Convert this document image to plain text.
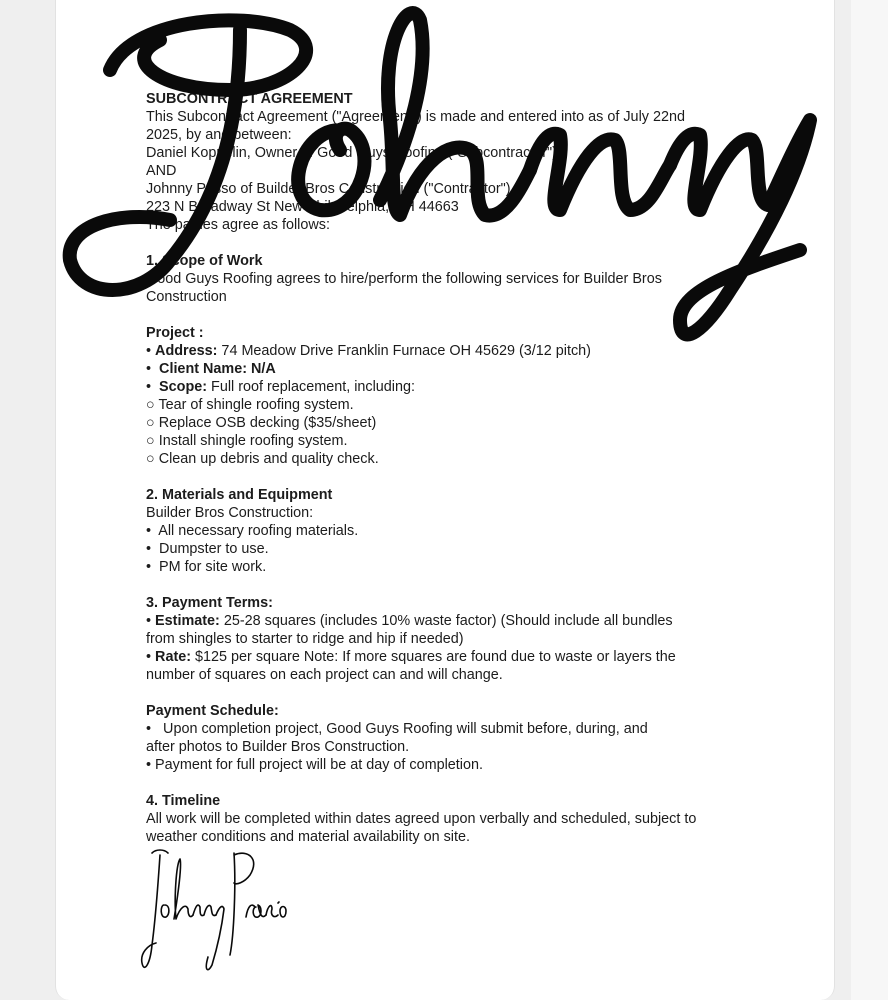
SUBCONTRACT AGREEMENT
This Subcontract Agreement ("Agreement") is made and entered into as of July 22nd
2025, by and between:
Daniel Koppelin, Owner of Good Guys Roofing ("Subcontractor")
AND
Johnny Passo of Builder Bros Construction ("Contractor")
223 N Broadway St New Philadelphia, OH 44663
The parties agree as follows:
1. Scope of Work
Good Guys Roofing agrees to hire/perform the following services for Builder Bros
Construction
Project :
• Address: 74 Meadow Drive Franklin Furnace OH 45629 (3/12 pitch)
•  Client Name: N/A
•  Scope: Full roof replacement, including:
○ Tear of shingle roofing system.
○ Replace OSB decking ($35/sheet)
○ Install shingle roofing system.
○ Clean up debris and quality check.
2. Materials and Equipment
Builder Bros Construction:
•  All necessary roofing materials.
•  Dumpster to use.
•  PM for site work.
3. Payment Terms:
• Estimate: 25-28 squares (includes 10% waste factor) (Should include all bundles
from shingles to starter to ridge and hip if needed)
• Rate: $125 per square Note: If more squares are found due to waste or layers the
number of squares on each project can and will change.
Payment Schedule:
•   Upon completion project, Good Guys Roofing will submit before, during, and
after photos to Builder Bros Construction.
• Payment for full project will be at day of completion.
4. Timeline
All work will be completed within dates agreed upon verbally and scheduled, subject to
weather conditions and material availability on site.
